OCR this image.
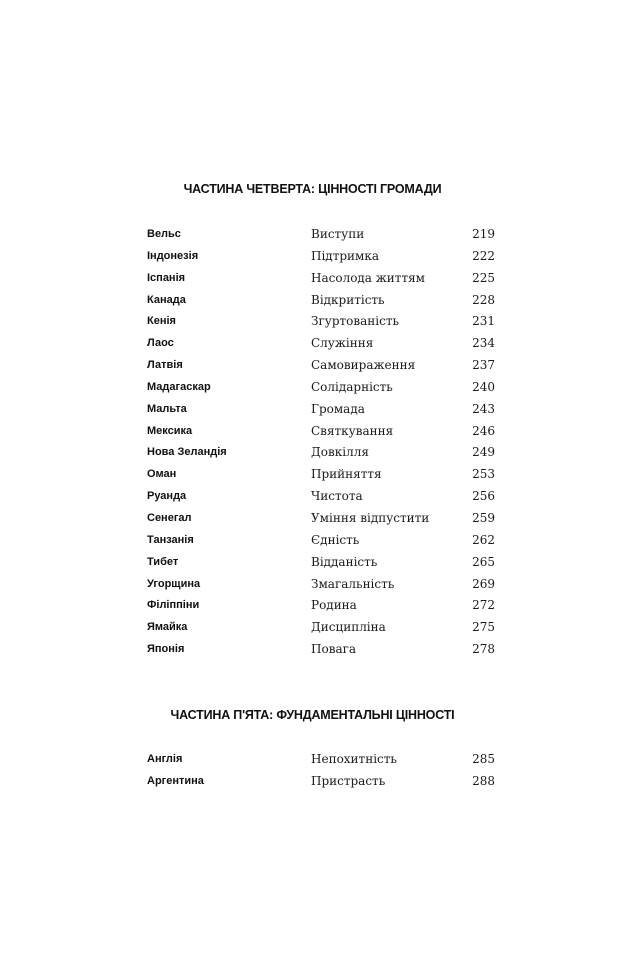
ЧАСТИНА ЧЕТВЕРТА: ЦІННОСТІ ГРОМАДИ
Вельс	Виступи	219
Індонезія	Підтримка	222
Іспанія	Насолода життям	225
Канада	Відкритість	228
Кенія	Згуртованість	231
Лаос	Служіння	234
Латвія	Самовираження	237
Мадагаскар	Солідарність	240
Мальта	Громада	243
Мексика	Святкування	246
Нова Зеландія	Довкілля	249
Оман	Прийняття	253
Руанда	Чистота	256
Сенегал	Уміння відпустити	259
Танзанія	Єдність	262
Тибет	Відданість	265
Угорщина	Змагальність	269
Філіппіни	Родина	272
Ямайка	Дисципліна	275
Японія	Повага	278
ЧАСТИНА П'ЯТА: ФУНДАМЕНТАЛЬНІ ЦІННОСТІ
Англія	Непохитність	285
Аргентина	Пристрасть	288
